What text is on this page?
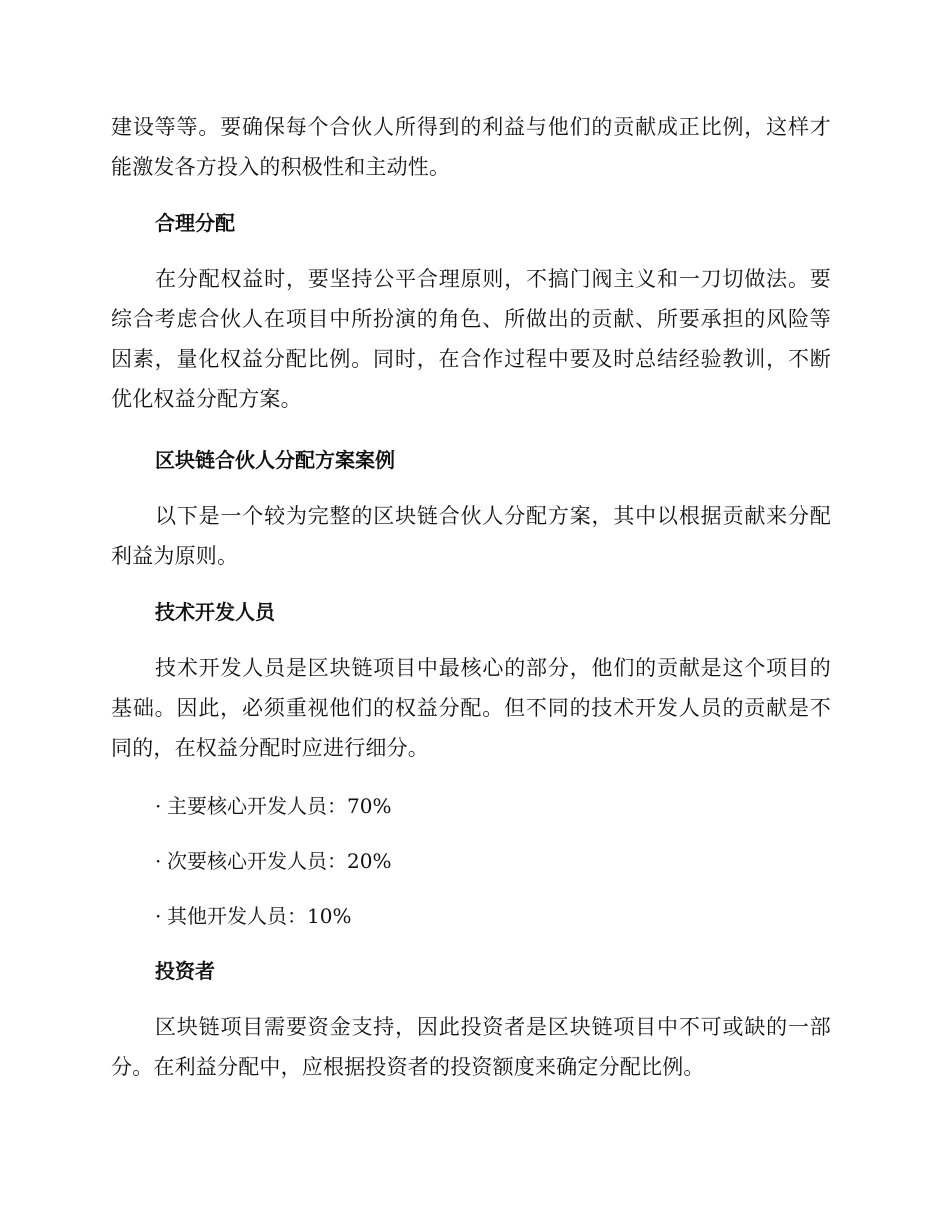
建设等等。要确保每个合伙人所得到的利益与他们的贡献成正比例，这样才能激发各方投入的积极性和主动性。

合理分配

在分配权益时，要坚持公平合理原则，不搞门阀主义和一刀切做法。要综合考虑合伙人在项目中所扮演的角色、所做出的贡献、所要承担的风险等因素，量化权益分配比例。同时，在合作过程中要及时总结经验教训，不断优化权益分配方案。

区块链合伙人分配方案案例

以下是一个较为完整的区块链合伙人分配方案，其中以根据贡献来分配利益为原则。

技术开发人员

技术开发人员是区块链项目中最核心的部分，他们的贡献是这个项目的基础。因此，必须重视他们的权益分配。但不同的技术开发人员的贡献是不同的，在权益分配时应进行细分。

· 主要核心开发人员：70%
· 次要核心开发人员：20%
· 其他开发人员：10%
投资者

区块链项目需要资金支持，因此投资者是区块链项目中不可或缺的一部分。在利益分配中，应根据投资者的投资额度来确定分配比例。
